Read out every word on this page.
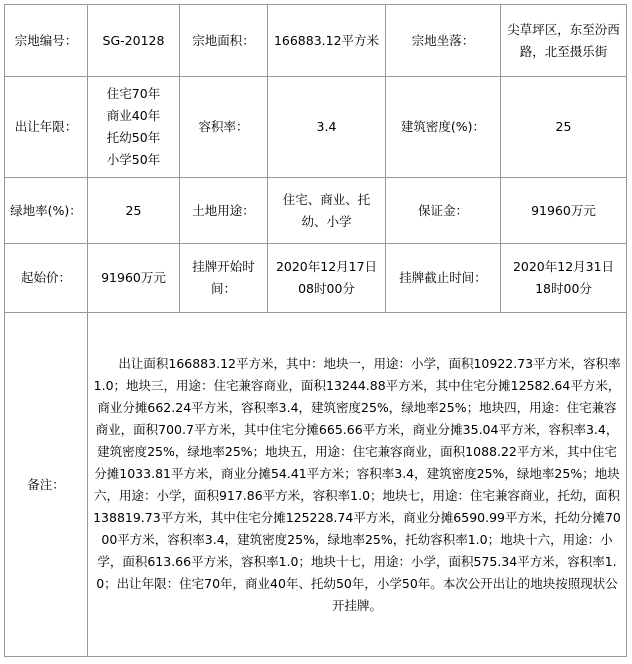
宗地编号：	SG-20128	宗地面积：	166883.12平方米	宗地坐落：	尖草坪区，东至汾西
路，北至摄乐街

出让年限：	住宅70年
商业40年
托幼50年
小学50年	容积率：	3.4	建筑密度(%)：	25
绿地率(%)：	25	土地用途：	住宅、商业、托
幼、小学	保证金：	91960万元
起始价：	91960万元	挂牌开始时
间：	2020年12月17日
08时00分	挂牌截止时间：	2020年12月31日
18时00分

备注：	出让面积166883.12平方米，其中：地块一，用途：小学，面积10922.73平方米，容积率1.0；地块三，用途：住宅兼容商业，面积13244.88平方米，其中住宅分摊12582.64平方米，商业分摊662.24平方米，容积率3.4，建筑密度25%，绿地率25%；地块四，用途：住宅兼容商业，面积700.7平方米，其中住宅分摊665.66平方米，商业分摊35.04平方米，容积率3.4，建筑密度25%，绿地率25%；地块五，用途：住宅兼容商业，面积1088.22平方米，其中住宅分摊1033.81平方米，商业分摊54.41平方米；容积率3.4，建筑密度25%，绿地率25%；地块六，用途：小学，面积917.86平方米，容积率1.0；地块七，用途：住宅兼容商业，托幼，面积138819.73平方米，其中住宅分摊125228.74平方米，商业分摊6590.99平方米，托幼分摊7000平方米，容积率3.4，建筑密度25%，绿地率25%，托幼容积率1.0；地块十六，用途：小学，面积613.66平方米，容积率1.0；地块十七，用途：小学，面积575.34平方米，容积率1.0；出让年限：住宅70年，商业40年、托幼50年，小学50年。本次公开出让的地块按照现状公开挂牌。				
